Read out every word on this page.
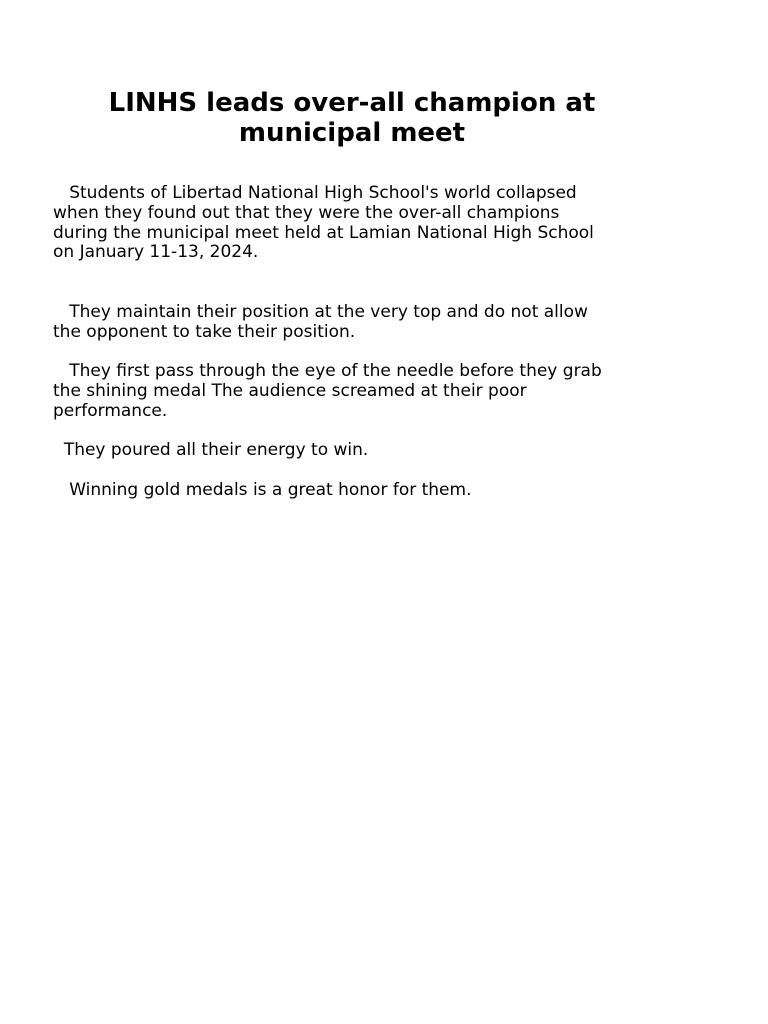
LINHS leads over-all champion at municipal meet

Students of Libertad National High School's world collapsed
when they found out that they were the over-all champions
during the municipal meet held at Lamian National High School
on January 11-13, 2024.

They maintain their position at the very top and do not allow
the opponent to take their position.

They first pass through the eye of the needle before they grab
the shining medal The audience screamed at their poor
performance.

They poured all their energy to win.

Winning gold medals is a great honor for them.
